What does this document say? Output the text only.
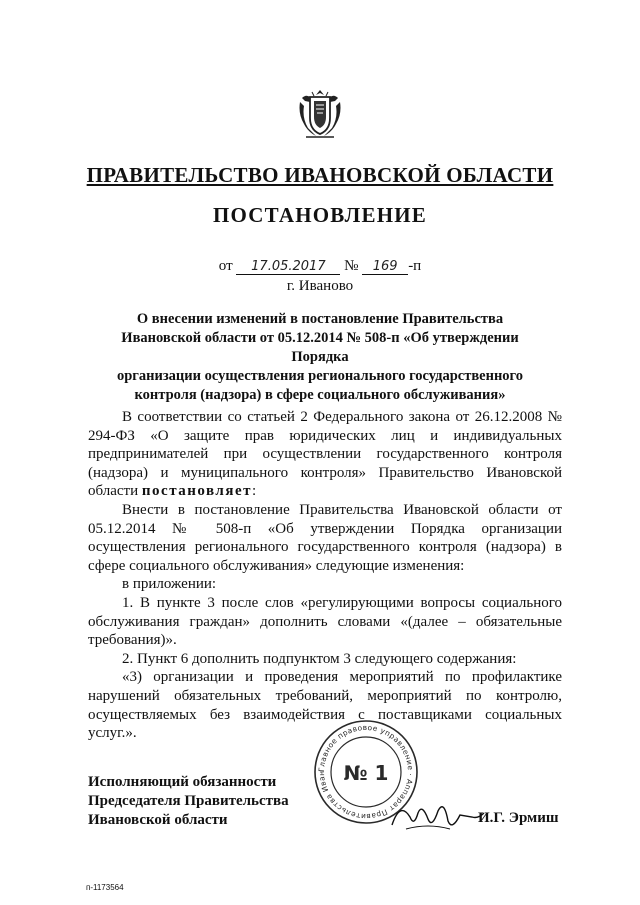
ПРАВИТЕЛЬСТВО ИВАНОВСКОЙ ОБЛАСТИ
ПОСТАНОВЛЕНИЕ
от 17.05.2017 № 169 -п
г. Иваново
О внесении изменений в постановление Правительства
Ивановской области от 05.12.2014 № 508-п «Об утверждении Порядка
организации осуществления регионального государственного
контроля (надзора) в сфере социального обслуживания»

В соответствии со статьей 2 Федерального закона от 26.12.2008 № 294-ФЗ «О защите прав юридических лиц и индивидуальных предпринимателей при осуществлении государственного контроля (надзора) и муниципального контроля» Правительство Ивановской области постановляет:

Внести в постановление Правительства Ивановской области от 05.12.2014 № 508-п «Об утверждении Порядка организации осуществления регионального государственного контроля (надзора) в сфере социального обслуживания» следующие изменения:

в приложении:

1. В пункте 3 после слов «регулирующими вопросы социального обслуживания граждан» дополнить словами «(далее – обязательные требования)».

2. Пункт 6 дополнить подпунктом 3 следующего содержания:

«3) организации и проведения мероприятий по профилактике нарушений обязательных требований, мероприятий по контролю, осуществляемых без взаимодействия с поставщиками социальных услуг.».

Главное правовое управление · Аппарат Правительства Иван № 1
Исполняющий обязанности
Председателя Правительства
Ивановской области	И.Г. Эрмиш
п-1173564
